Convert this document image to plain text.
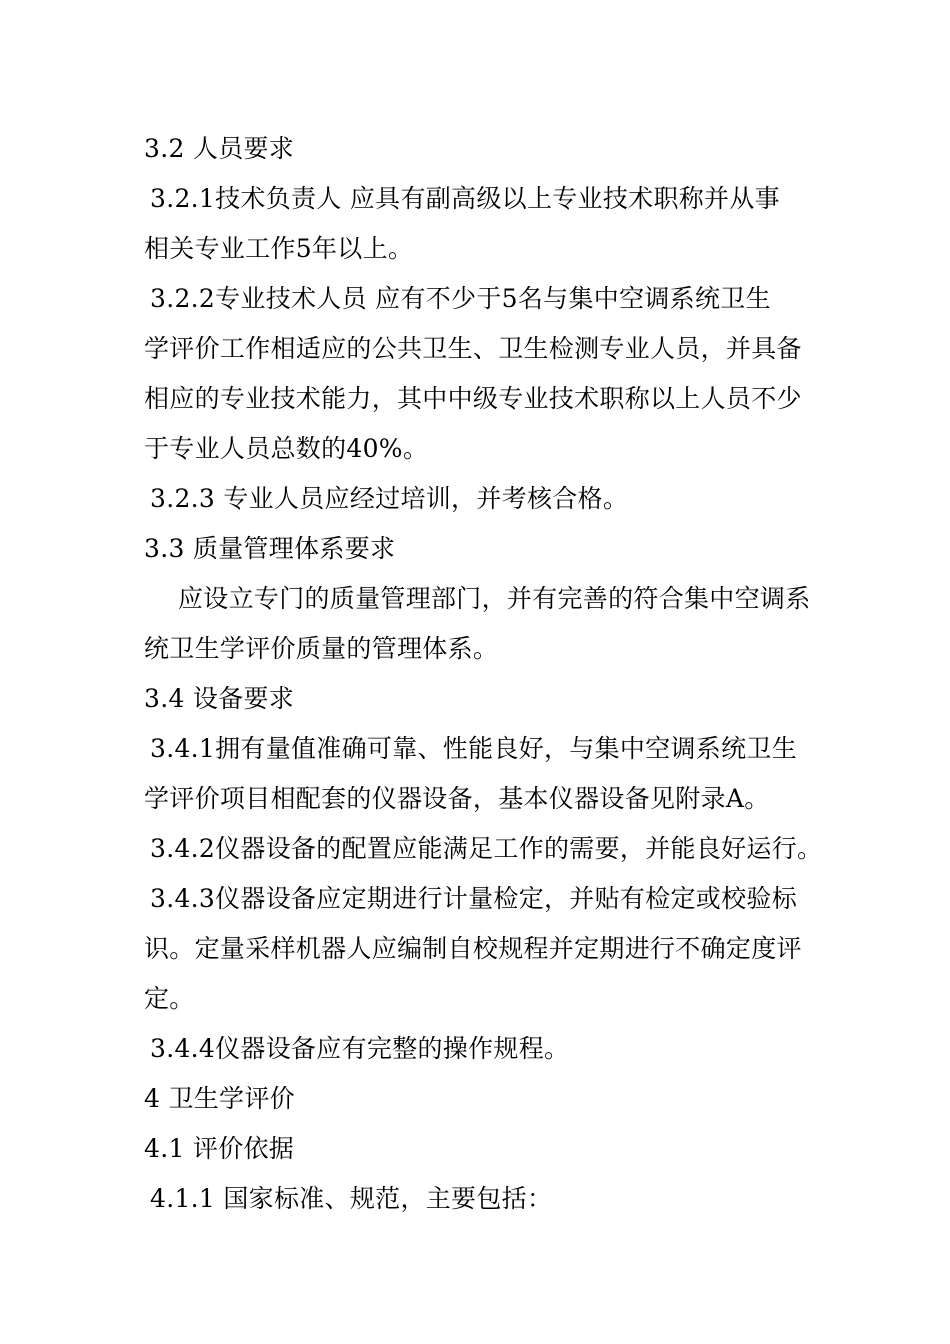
3.2 人员要求
3.2.1技术负责人 应具有副高级以上专业技术职称并从事
相关专业工作5年以上。
3.2.2专业技术人员 应有不少于5名与集中空调系统卫生
学评价工作相适应的公共卫生、卫生检测专业人员，并具备
相应的专业技术能力，其中中级专业技术职称以上人员不少
于专业人员总数的40%。
3.2.3 专业人员应经过培训，并考核合格。
3.3 质量管理体系要求
应设立专门的质量管理部门，并有完善的符合集中空调系
统卫生学评价质量的管理体系。
3.4 设备要求
3.4.1拥有量值准确可靠、性能良好，与集中空调系统卫生
学评价项目相配套的仪器设备，基本仪器设备见附录A。
3.4.2仪器设备的配置应能满足工作的需要，并能良好运行。
3.4.3仪器设备应定期进行计量检定，并贴有检定或校验标
识。定量采样机器人应编制自校规程并定期进行不确定度评
定。
3.4.4仪器设备应有完整的操作规程。
4 卫生学评价
4.1 评价依据
4.1.1 国家标准、规范，主要包括：
